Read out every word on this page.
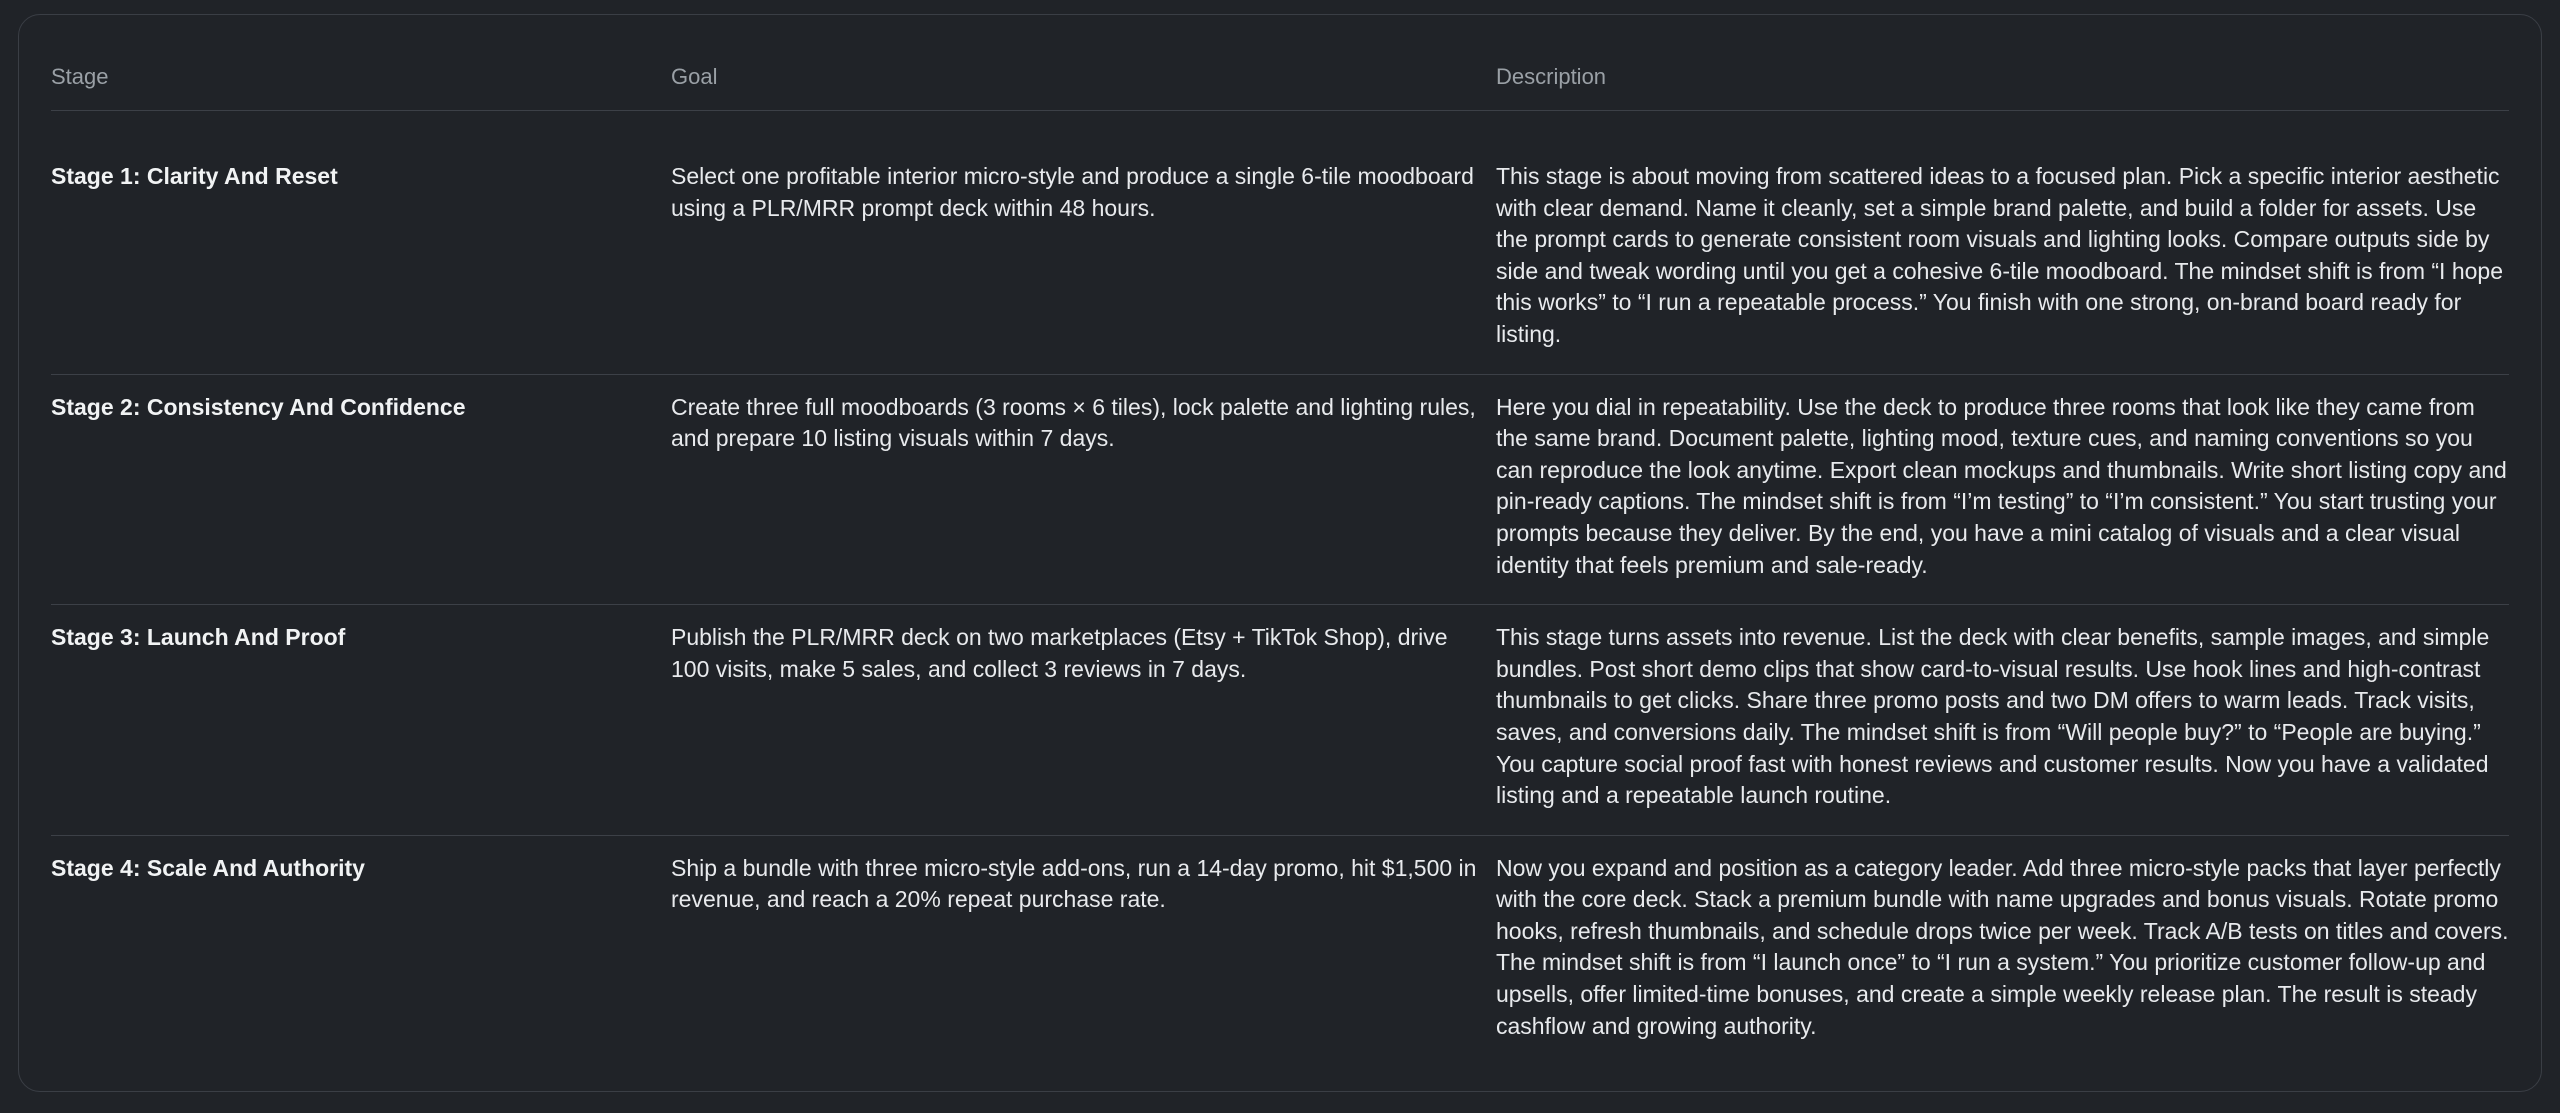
Stage	Goal	Description
Stage 1: Clarity And Reset	Select one profitable interior micro-style and produce a single 6-tile moodboard using a PLR/MRR prompt deck within 48 hours.	This stage is about moving from scattered ideas to a focused plan. Pick a specific interior aesthetic with clear demand. Name it cleanly, set a simple brand palette, and build a folder for assets. Use the prompt cards to generate consistent room visuals and lighting looks. Compare outputs side by side and tweak wording until you get a cohesive 6-tile moodboard. The mindset shift is from “I hope this works” to “I run a repeatable process.” You finish with one strong, on-brand board ready for listing.
Stage 2: Consistency And Confidence	Create three full moodboards (3 rooms × 6 tiles), lock palette and lighting rules, and prepare 10 listing visuals within 7 days.	Here you dial in repeatability. Use the deck to produce three rooms that look like they came from the same brand. Document palette, lighting mood, texture cues, and naming conventions so you can reproduce the look anytime. Export clean mockups and thumbnails. Write short listing copy and pin-ready captions. The mindset shift is from “I’m testing” to “I’m consistent.” You start trusting your prompts because they deliver. By the end, you have a mini catalog of visuals and a clear visual identity that feels premium and sale-ready.
Stage 3: Launch And Proof	Publish the PLR/MRR deck on two marketplaces (Etsy + TikTok Shop), drive 100 visits, make 5 sales, and collect 3 reviews in 7 days.	This stage turns assets into revenue. List the deck with clear benefits, sample images, and simple bundles. Post short demo clips that show card-to-visual results. Use hook lines and high-contrast thumbnails to get clicks. Share three promo posts and two DM offers to warm leads. Track visits, saves, and conversions daily. The mindset shift is from “Will people buy?” to “People are buying.” You capture social proof fast with honest reviews and customer results. Now you have a validated listing and a repeatable launch routine.
Stage 4: Scale And Authority	Ship a bundle with three micro-style add-ons, run a 14-day promo, hit $1,500 in revenue, and reach a 20% repeat purchase rate.	Now you expand and position as a category leader. Add three micro-style packs that layer perfectly with the core deck. Stack a premium bundle with name upgrades and bonus visuals. Rotate promo hooks, refresh thumbnails, and schedule drops twice per week. Track A/B tests on titles and covers. The mindset shift is from “I launch once” to “I run a system.” You prioritize customer follow-up and upsells, offer limited-time bonuses, and create a simple weekly release plan. The result is steady cashflow and growing authority.
